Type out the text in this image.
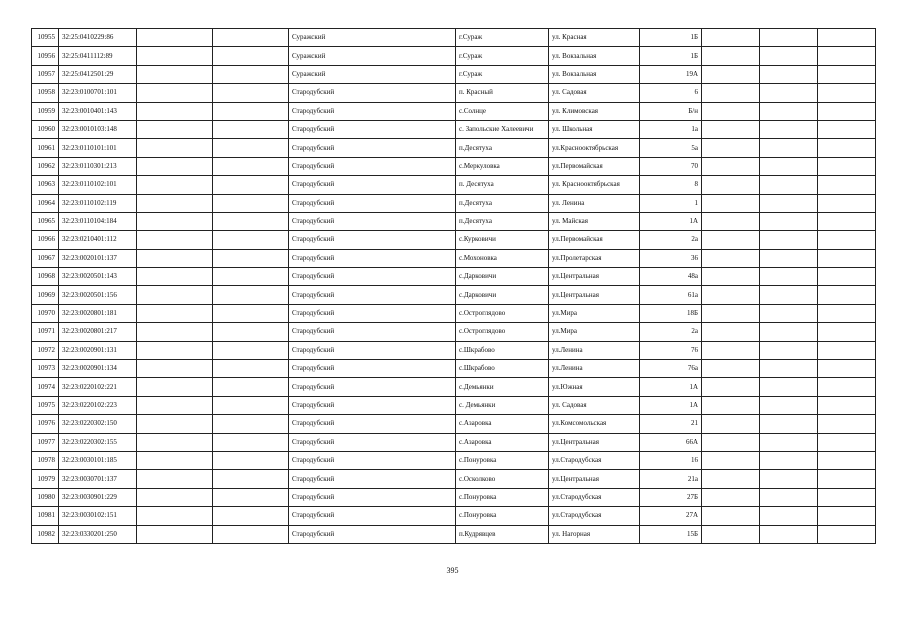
10955	32:25:0410229:86			Суражский	г.Сураж	ул. Красная	1Б			
10956	32:25:0411112:89			Суражский	г.Сураж	ул. Вокзальная	1Б			
10957	32:25:0412501:29			Суражский	г.Сураж	ул. Вокзальная	19А			
10958	32:23:0100701:101			Стародубский	п. Красный	ул. Садовая	6			
10959	32:23:0010401:143			Стародубский	с.Солнце	ул. Климовская	Б/н			
10960	32:23:0010103:148			Стародубский	с. Запольские Халеевичи	ул. Школьная	1а			
10961	32:23:0110101:101			Стародубский	п.Десятуха	ул.Красноoктябрьская	5а			
10962	32:23:0110301:213			Стародубский	с.Меркуловка	ул.Первомайская	70			
10963	32:23:0110102:101			Стародубский	п. Десятуха	ул. Красноoктябрьская	8			
10964	32:23:0110102:119			Стародубский	п.Десятуха	ул. Ленина	1			
10965	32:23:0110104:184			Стародубский	п.Десятуха	ул. Майская	1А			
10966	32:23:0210401:112			Стародубский	с.Курковичи	ул.Первомайская	2а			
10967	32:23:0020101:137			Стародубский	с.Мохоновка	ул.Пролетарская	36			
10968	32:23:0020501:143			Стародубский	с.Дарковичи	ул.Центральная	48а			
10969	32:23:0020501:156			Стародубский	с.Дарковичи	ул.Центральная	61а			
10970	32:23:0020801:181			Стародубский	с.Остроглядово	ул.Мира	18Б			
10971	32:23:0020801:217			Стародубский	с.Остроглядово	ул.Мира	2а			
10972	32:23:0020901:131			Стародубский	с.Шкрабово	ул.Ленина	76			
10973	32:23:0020901:134			Стародубский	с.Шкрабово	ул.Ленина	76а			
10974	32:23:0220102:221			Стародубский	с.Демьянки	ул.Южная	1А			
10975	32:23:0220102:223			Стародубский	с. Демьянки	ул. Садовая	1А			
10976	32:23:0220302:150			Стародубский	с.Азаровка	ул.Комсомольская	21			
10977	32:23:0220302:155			Стародубский	с.Азаровка	ул.Центральная	66А			
10978	32:23:0030101:185			Стародубский	с.Понуровка	ул.Стародубская	16			
10979	32:23:0030701:137			Стародубский	с.Осколково	ул.Центральная	21а			
10980	32:23:0030901:229			Стародубский	с.Понуровка	ул.Стародубская	27Б			
10981	32:23:0030102:151			Стародубский	с.Понуровка	ул.Стародубская	27А			
10982	32:23:0330201:250			Стародубский	п.Кудрявцев	ул. Нагорная	15Б			
395
